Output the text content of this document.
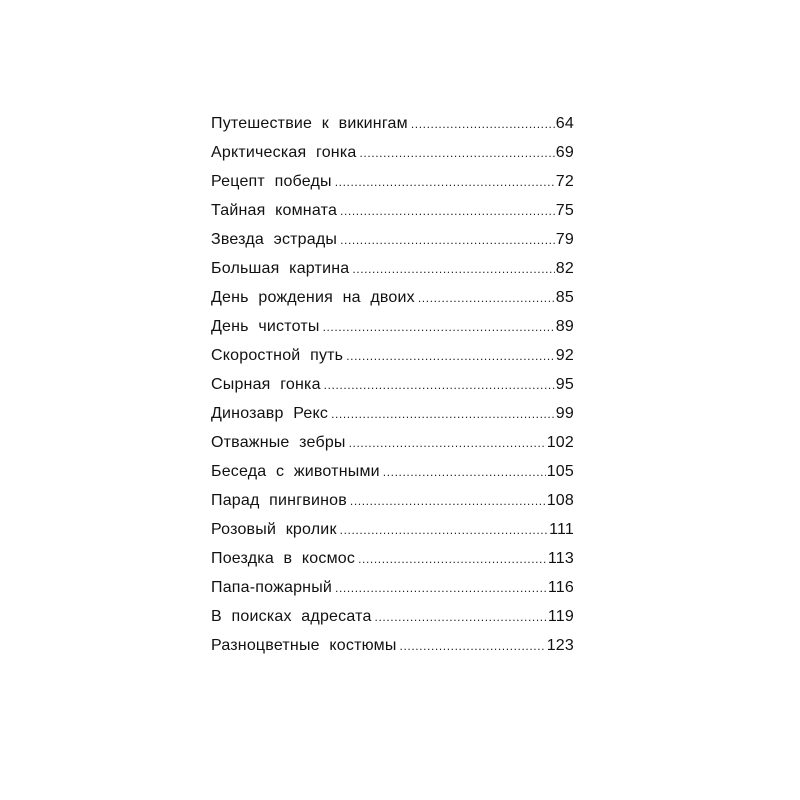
Путешествие к викингам .....	64
Арктическая гонка .....	69
Рецепт победы .....	72
Тайная комната .....	75
Звезда эстрады .....	79
Большая картина .....	82
День рождения на двоих .....	85
День чистоты .....	89
Скоростной путь .....	92
Сырная гонка .....	95
Динозавр Рекс .....	99
Отважные зебры .....	102
Беседа с животными .....	105
Парад пингвинов .....	108
Розовый кролик .....	111
Поездка в космос .....	113
Папа-пожарный .....	116
В поисках адресата .....	119
Разноцветные костюмы .....	123
